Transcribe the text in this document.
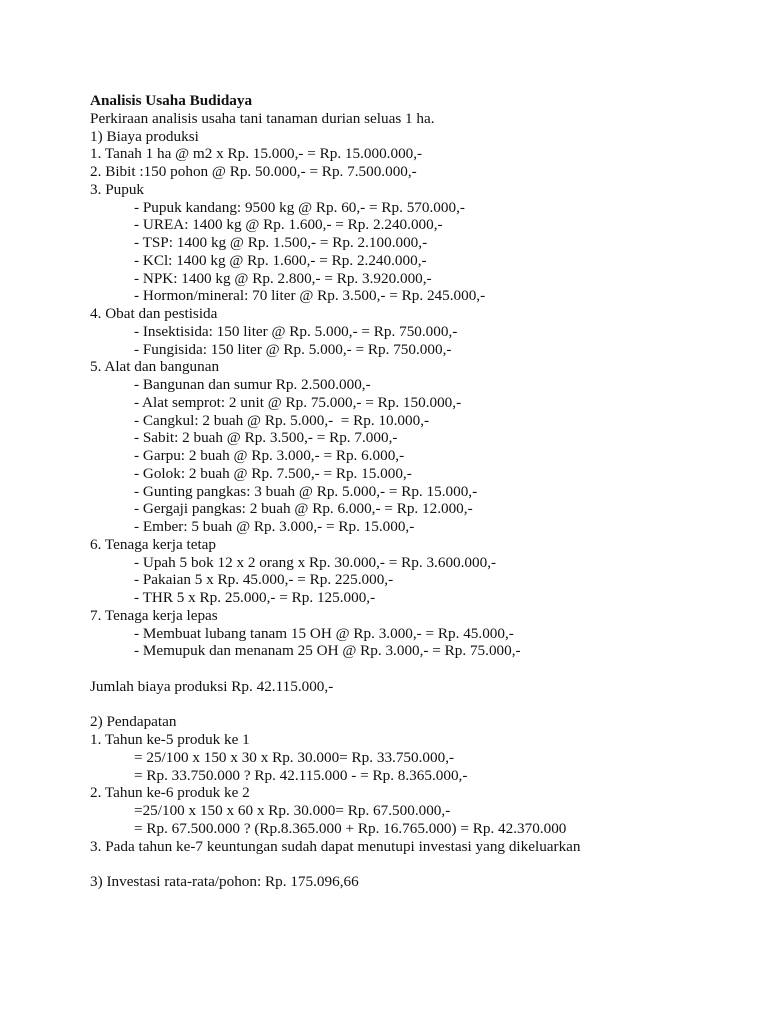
Analisis Usaha Budidaya
Perkiraan analisis usaha tani tanaman durian seluas 1 ha.
1) Biaya produksi
1. Tanah 1 ha @ m2 x Rp. 15.000,- = Rp. 15.000.000,-
2. Bibit :150 pohon @ Rp. 50.000,- = Rp. 7.500.000,-
3. Pupuk
- Pupuk kandang: 9500 kg @ Rp. 60,- = Rp. 570.000,-
- UREA: 1400 kg @ Rp. 1.600,- = Rp. 2.240.000,-
- TSP: 1400 kg @ Rp. 1.500,- = Rp. 2.100.000,-
- KCl: 1400 kg @ Rp. 1.600,- = Rp. 2.240.000,-
- NPK: 1400 kg @ Rp. 2.800,- = Rp. 3.920.000,-
- Hormon/mineral: 70 liter @ Rp. 3.500,- = Rp. 245.000,-
4. Obat dan pestisida
- Insektisida: 150 liter @ Rp. 5.000,- = Rp. 750.000,-
- Fungisida: 150 liter @ Rp. 5.000,- = Rp. 750.000,-
5. Alat dan bangunan
- Bangunan dan sumur Rp. 2.500.000,-
- Alat semprot: 2 unit @ Rp. 75.000,- = Rp. 150.000,-
- Cangkul: 2 buah @ Rp. 5.000,-  = Rp. 10.000,-
- Sabit: 2 buah @ Rp. 3.500,- = Rp. 7.000,-
- Garpu: 2 buah @ Rp. 3.000,- = Rp. 6.000,-
- Golok: 2 buah @ Rp. 7.500,- = Rp. 15.000,-
- Gunting pangkas: 3 buah @ Rp. 5.000,- = Rp. 15.000,-
- Gergaji pangkas: 2 buah @ Rp. 6.000,- = Rp. 12.000,-
- Ember: 5 buah @ Rp. 3.000,- = Rp. 15.000,-
6. Tenaga kerja tetap
- Upah 5 bok 12 x 2 orang x Rp. 30.000,- = Rp. 3.600.000,-
- Pakaian 5 x Rp. 45.000,- = Rp. 225.000,-
- THR 5 x Rp. 25.000,- = Rp. 125.000,-
7. Tenaga kerja lepas
- Membuat lubang tanam 15 OH @ Rp. 3.000,- = Rp. 45.000,-
- Memupuk dan menanam 25 OH @ Rp. 3.000,- = Rp. 75.000,-
Jumlah biaya produksi Rp. 42.115.000,-
2) Pendapatan
1. Tahun ke-5 produk ke 1
= 25/100 x 150 x 30 x Rp. 30.000= Rp. 33.750.000,-
= Rp. 33.750.000 ? Rp. 42.115.000 - = Rp. 8.365.000,-
2. Tahun ke-6 produk ke 2
=25/100 x 150 x 60 x Rp. 30.000= Rp. 67.500.000,-
= Rp. 67.500.000 ? (Rp.8.365.000 + Rp. 16.765.000) = Rp. 42.370.000
3. Pada tahun ke-7 keuntungan sudah dapat menutupi investasi yang dikeluarkan
3) Investasi rata-rata/pohon: Rp. 175.096,66
